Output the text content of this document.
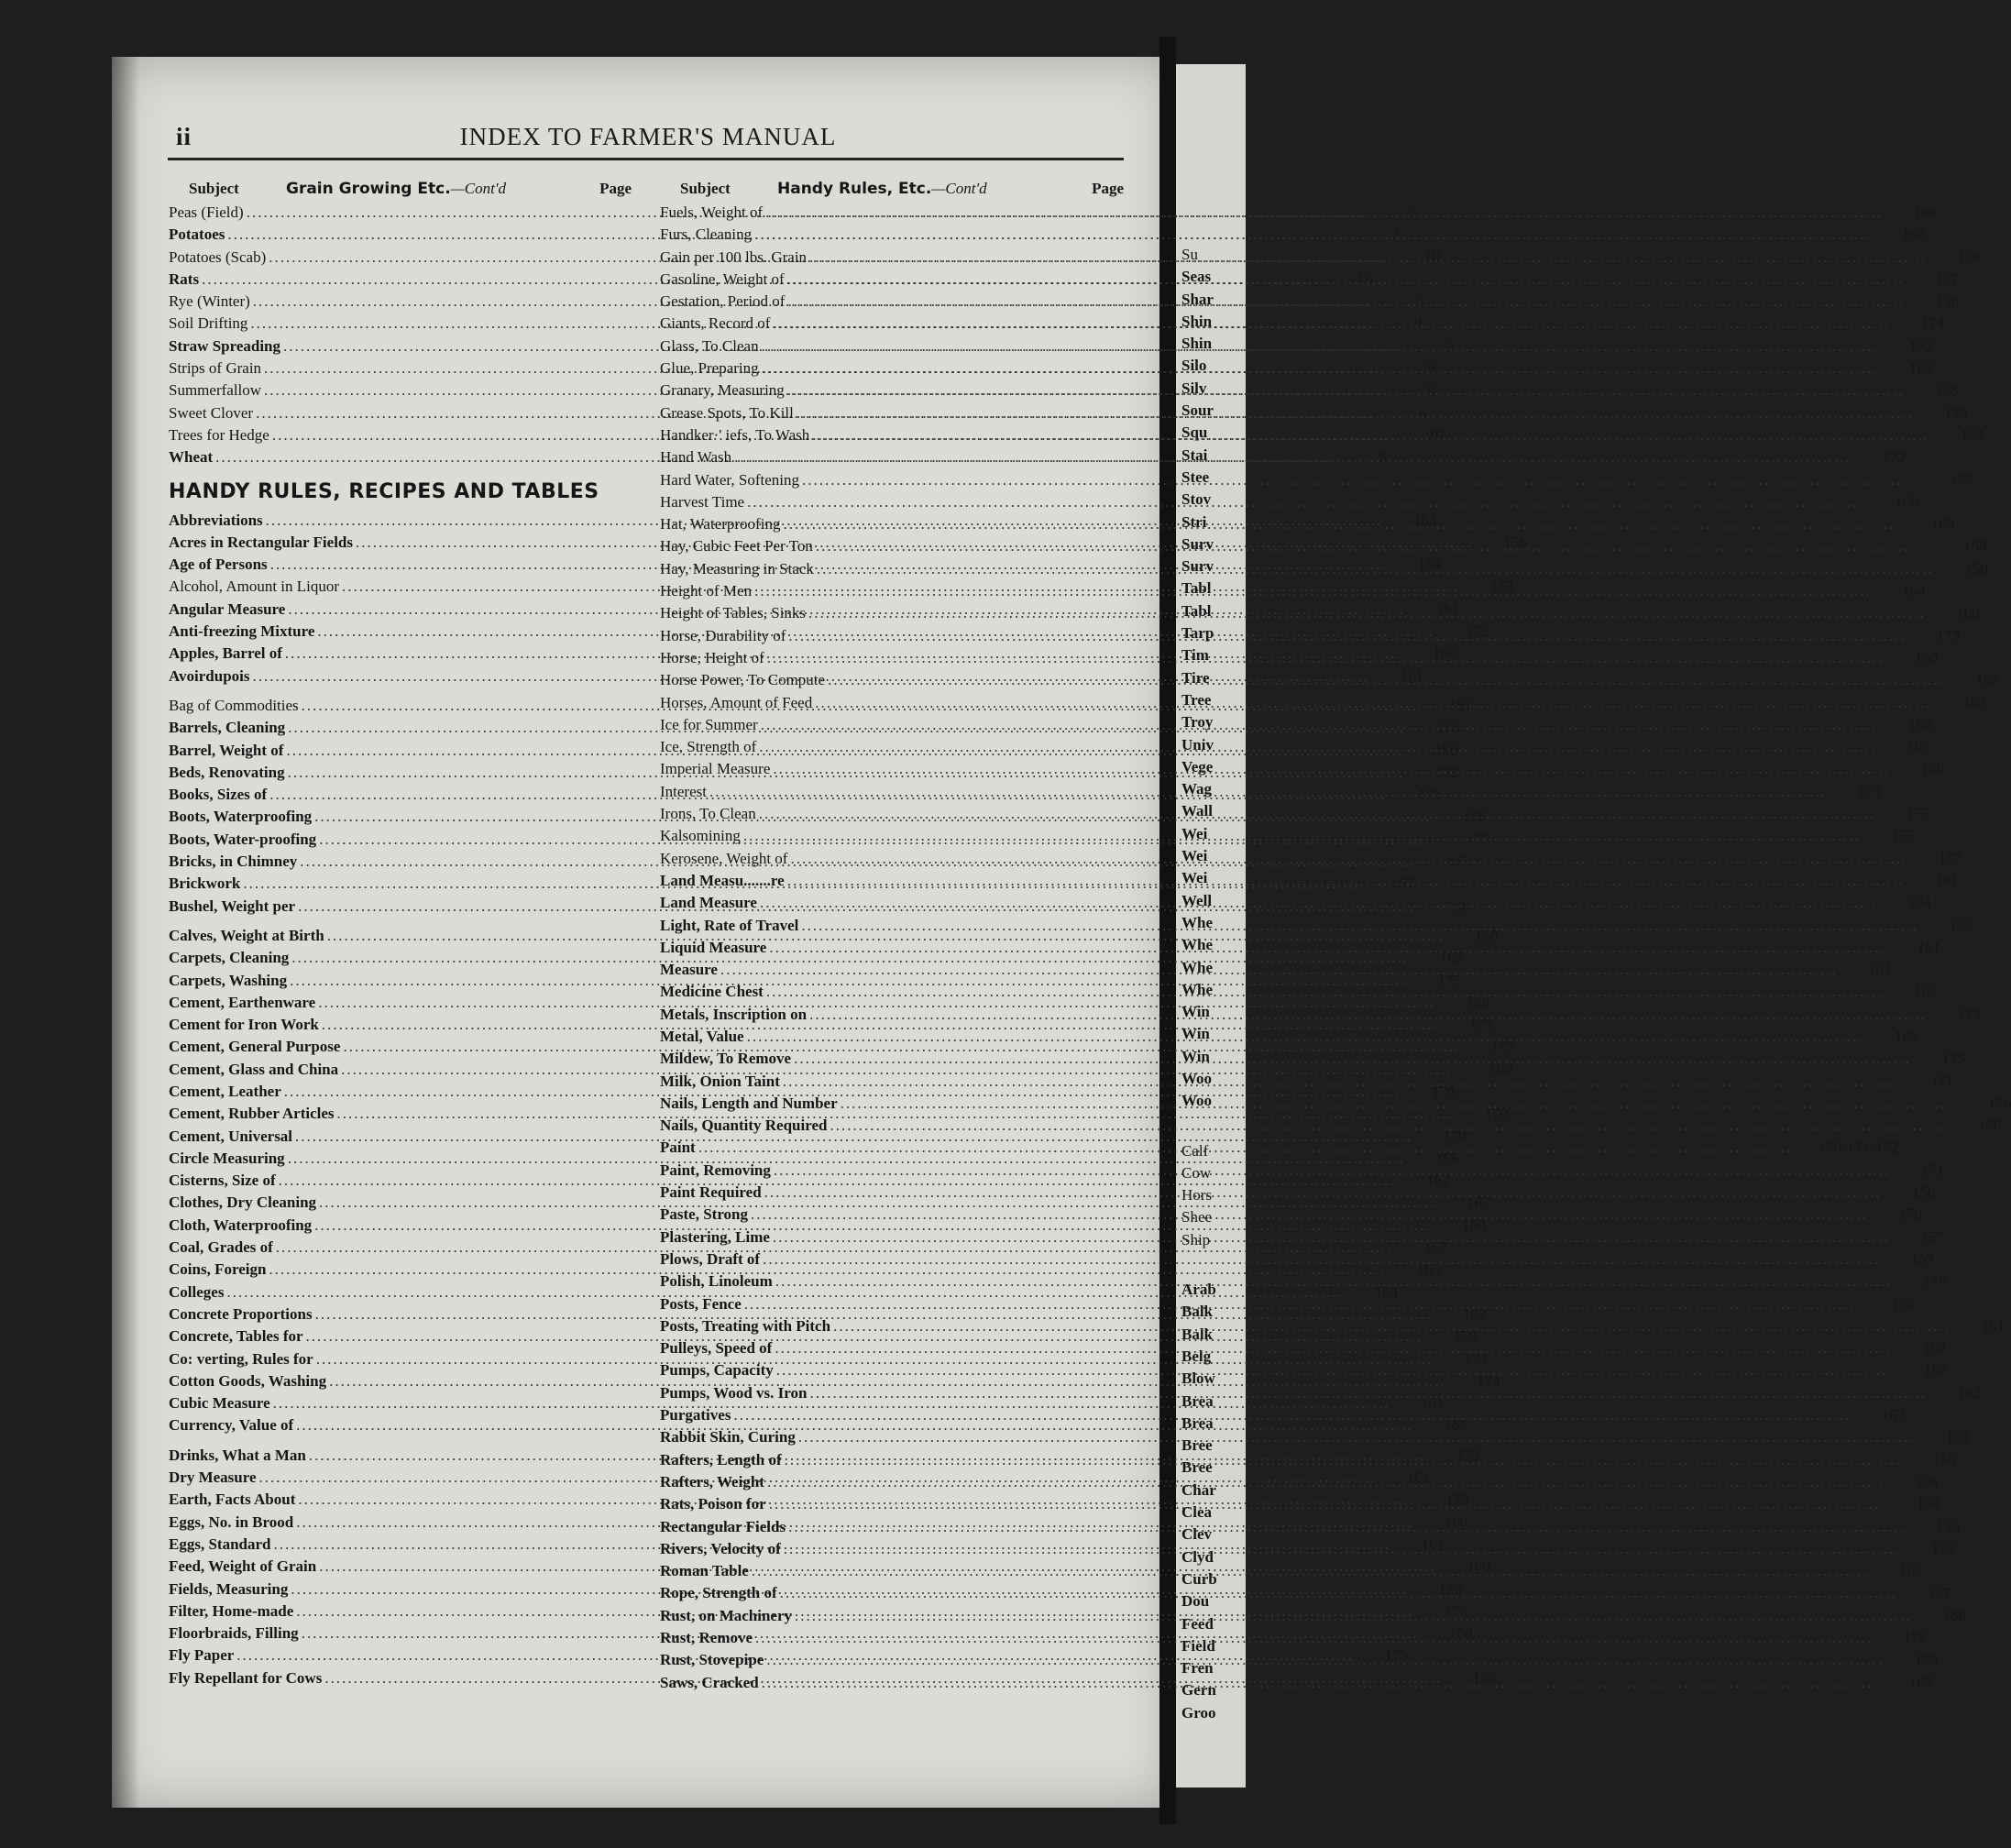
Su
Seas
Shar
Shin
Shin
Silo
Silv
Sour
Squ
Stai
Stee
Stov
Stri
Surv
Surv
Tabl
Tabl
Tarp
Tim
Tire
Tree
Troy
Univ
Vege
Wag
Wall
Wei
Wei
Wei
Well
Whe
Whe
Whe
Whe
Win
Win
Win
Woo
Woo
Calf
Cow
Hors
Shee
Ship
Arab
Balk
Balk
Belg
Blow
Brea
Brea
Bree
Bree
Char
Clea
Clev
Clyd
Curb
Dou
Feed
Field
Fren
Gern
Groo
ii	INDEX TO FARMER'S MANUAL
Subject	Grain Growing Etc.—Cont'd	Page
Peas (Field) .....	5
Potatoes .....	7
Potatoes (Scab) .....	10
Rats .....	10
Rye (Winter) .....	5
Soil Drifting .....	9
Straw Spreading .....	9
Strips of Grain .....	9
Summerfallow .....	9
Sweet Clover .....	6
Trees for Hedge .....	10
Wheat .....	5
HANDY RULES, RECIPES AND TABLES
Abbreviations .....	163
Acres in Rectangular Fields .....	156
Age of Persons .....	164
Alcohol, Amount in Liquor .....	173
Angular Measure .....	161
Anti-freezing Mixture .....	172
Apples, Barrel of .....	160
Avoirdupois .....	161
Bag of Commodities .....	161
Barrels, Cleaning .....	175
Barrel, Weight of .....	160
Beds, Renovating .....	175
Books, Sizes of .....	173
Boots, Waterproofing .....	168
Boots, Water-proofing .....	175
Bricks, in Chimney .....	163
Brickwork .....	157
Bushel, Weight per .....	158
Calves, Weight at Birth .....	158
Carpets, Cleaning .....	168
Carpets, Washing .....	175
Cement, Earthenware .....	169
Cement for Iron Work .....	173
Cement, General Purpose .....	172
Cement, Glass and China .....	169
Cement, Leather .....	170
Cement, Rubber Articles .....	170
Cement, Universal .....	170
Circle Measuring .....	156
Cisterns, Size of .....	162
Clothes, Dry Cleaning .....	167
Cloth, Waterproofing .....	160
Coal, Grades of .....	157
Coins, Foreign .....	165
Colleges .....	164
Concrete Proportions .....	162
Concrete, Tables for .....	159
Co: verting, Rules for .....	174
Cotton Goods, Washing .....	174
Cubic Measure .....	161
Currency, Value of .....	165
Drinks, What a Man .....	173
Dry Measure .....	161
Earth, Facts About .....	173
Eggs, No. in Brood .....	160
Eggs, Standard .....	161
Feed, Weight of Grain .....	160
Fields, Measuring .....	156
Filter, Home-made .....	175
Floorbraids, Filling .....	168
Fly Paper .....	175
Fly Repellant for Cows .....	158
Subject	Handy Rules, Etc.—Cont'd	Page
Fuels, Weight of .....	160
Furs, Cleaning .....	168
Gain per 100 lbs. Grain .....	158
Gasoline, Weight of .....	157
Gestation, Period of .....	158
Giants, Record of .....	174
Glass, To Clean .....	172
Glue, Preparing .....	169
Granary, Measuring .....	158
Grease Spots, To Kill .....	173
Handker·' iefs, To Wash .....	174
Hand Wash .....	172
Hard Water, Softening .....	175
Harvest Time .....	166
Hat, Waterproofing .....	168
Hay, Cubic Feet Per Ton .....	158
Hay, Measuring in Stack .....	158
Height of Men .....	164
Height of Tables, Sinks .....	160
Horse, Durability of .....	173
Horse, Height of .....	158
Horse Power, To Compute .....	157
Horses, Amount of Feed .....	163
Ice for Summer .....	160
Ice, Strength of .....	165
Imperial Measure .....	160
Interest .....	173
Irons, To Clean .....	175
Kalsomining .....	175
Kerosene, Weight of .....	157
Land Measu.......re .....	161
Land Measure .....	174
Light, Rate of Travel .....	165
Liquid Measure .....	161
Measure .....	161
Medicine Chest .....	167
Metals, Inscription on .....	173
Metal, Value .....	165
Mildew, To Remove .....	175
Milk, Onion Taint .....	171
Nails, Length and Number .....	156
Nails, Quantity Required .....	156
Paint .....	170-171-172
Paint, Removing .....	171
Paint Required .....	156
Paste, Strong .....	170
Plastering, Lime .....	157
Plows, Draft of .....	157
Polish, Linoleum .....	170
Posts, Fence .....	156
Posts, Treating with Pitch .....	161
Pulleys, Speed of .....	162
Pumps, Capacity .....	162
Pumps, Wood vs. Iron .....	162
Purgatives .....	167
Rabbit Skin, Curing .....	169
Rafters, Length of .....	156
Rafters, Weight .....	156
Rats, Poison for .....	158
Rectangular Fields .....	156
Rivers, Velocity of .....	173
Roman Table .....	165
Rope, Strength of .....	157
Rust, on Machinery .....	168
Rust, Remove .....	172
Rust, Stovepipe .....	175
Saws, Cracked .....	167
